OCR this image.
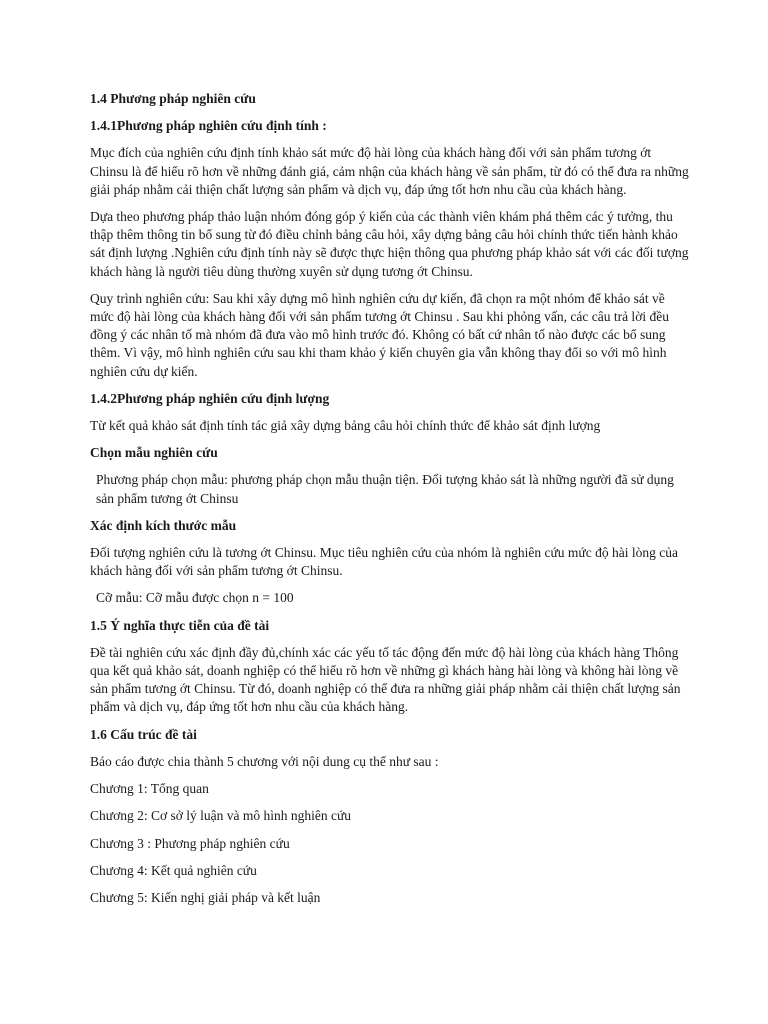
1.4 Phương pháp nghiên cứu

1.4.1Phương pháp nghiên cứu định tính :

Mục đích của nghiên cứu định tính khảo sát mức độ hài lòng của khách hàng đối với sản phẩm tương ớt Chinsu là để hiểu rõ hơn về những đánh giá, cảm nhận của khách hàng về sản phẩm, từ đó có thể đưa ra những giải pháp nhằm cải thiện chất lượng sản phẩm và dịch vụ, đáp ứng tốt hơn nhu cầu của khách hàng.

Dựa theo phương pháp thảo luận nhóm đóng góp ý kiến của các thành viên khám phá thêm các ý tưởng, thu thập thêm thông tin bổ sung từ đó điều chỉnh bảng câu hỏi, xây dựng bảng câu hỏi chính thức tiến hành khảo sát định lượng .Nghiên cứu định tính này sẽ được thực hiện thông qua phương pháp khảo sát với các đối tượng khách hàng là người tiêu dùng thường xuyên sử dụng tương ớt Chinsu.

Quy trình nghiên cứu: Sau khi xây dựng mô hình nghiên cứu dự kiến, đã chọn ra một nhóm để khảo sát về mức độ hài lòng của khách hàng đối với sản phẩm tương ớt Chinsu . Sau khi phỏng vấn, các câu trả lời đều đồng ý các nhân tố mà nhóm đã đưa vào mô hình trước đó. Không có bất cứ nhân tố nào được các bổ sung thêm. Vì vậy, mô hình nghiên cứu sau khi tham khảo ý kiến chuyên gia vẫn không thay đổi so với mô hình nghiên cứu dự kiến.

1.4.2Phương pháp nghiên cứu định lượng

Từ kết quả khảo sát định tính tác giả xây dựng bảng câu hỏi chính thức để khảo sát định lượng

Chọn mẫu nghiên cứu

Phương pháp chọn mẫu: phương pháp chọn mẫu thuận tiện. Đối tượng khảo sát là những người đã sử dụng sản phẩm tương ớt Chinsu

Xác định kích thước mẫu

Đối tượng nghiên cứu là tương ớt Chinsu. Mục tiêu nghiên cứu của nhóm là nghiên cứu mức độ hài lòng của khách hàng đối với sản phẩm tương ớt Chinsu.

Cỡ mẫu: Cỡ mẫu được chọn n = 100

1.5 Ý nghĩa thực tiễn của đề tài

Đề tài nghiên cứu xác định đầy đủ,chính xác các yếu tố tác động đến mức độ hài lòng của khách hàng Thông qua kết quả khảo sát, doanh nghiệp có thể hiểu rõ hơn về những gì khách hàng hài lòng và không hài lòng về sản phẩm tương ớt Chinsu. Từ đó, doanh nghiệp có thể đưa ra những giải pháp nhằm cải thiện chất lượng sản phẩm và dịch vụ, đáp ứng tốt hơn nhu cầu của khách hàng.

1.6 Cấu trúc đề tài

Báo cáo được chia thành 5 chương với nội dung cụ thể như sau :

Chương 1: Tổng quan

Chương 2: Cơ sở lý luận và mô hình nghiên cứu

Chương 3 : Phương pháp nghiên cứu

Chương 4: Kết quả nghiên cứu

Chương 5: Kiến nghị giải pháp và kết luận
